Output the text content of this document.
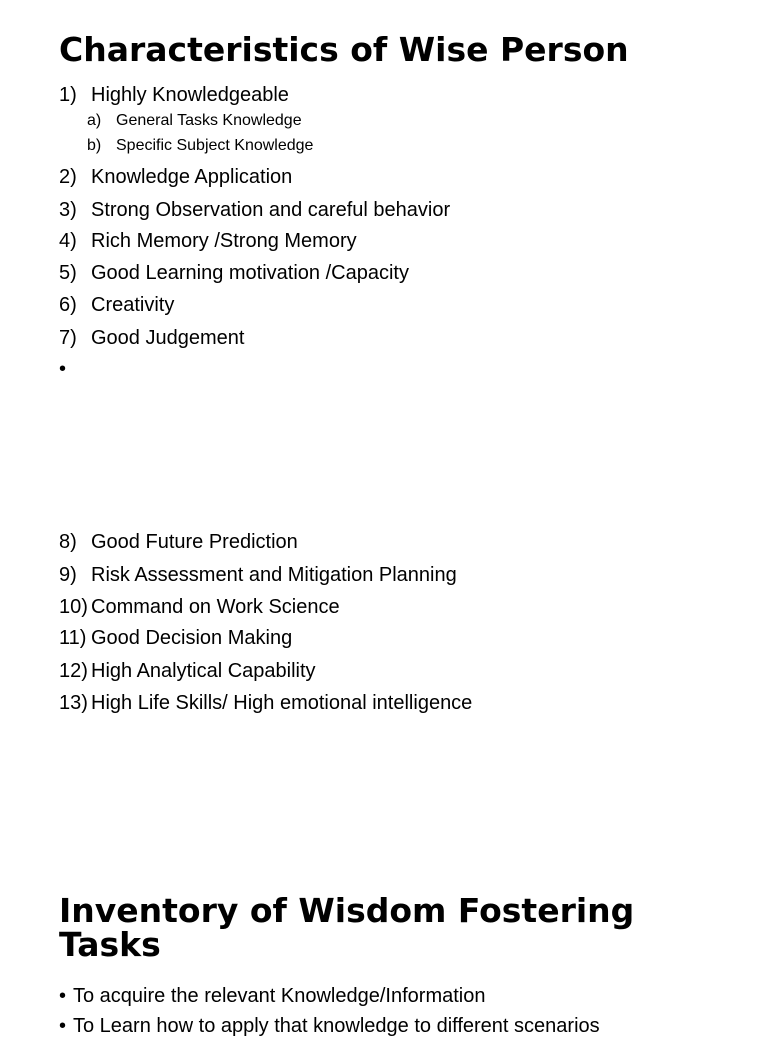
Characteristics of Wise Person
1) Highly Knowledgeable
a) General Tasks Knowledge
b) Specific Subject Knowledge
2) Knowledge Application
3) Strong Observation and careful behavior
4) Rich Memory /Strong Memory
5) Good Learning motivation /Capacity
6) Creativity
7) Good Judgement
•
8) Good Future Prediction
9) Risk Assessment and Mitigation Planning
10) Command on Work Science
11) Good Decision Making
12) High Analytical Capability
13) High Life Skills/ High emotional intelligence
Inventory of Wisdom Fostering Tasks
• To acquire the relevant Knowledge/Information
• To Learn how to apply that knowledge to different scenarios
